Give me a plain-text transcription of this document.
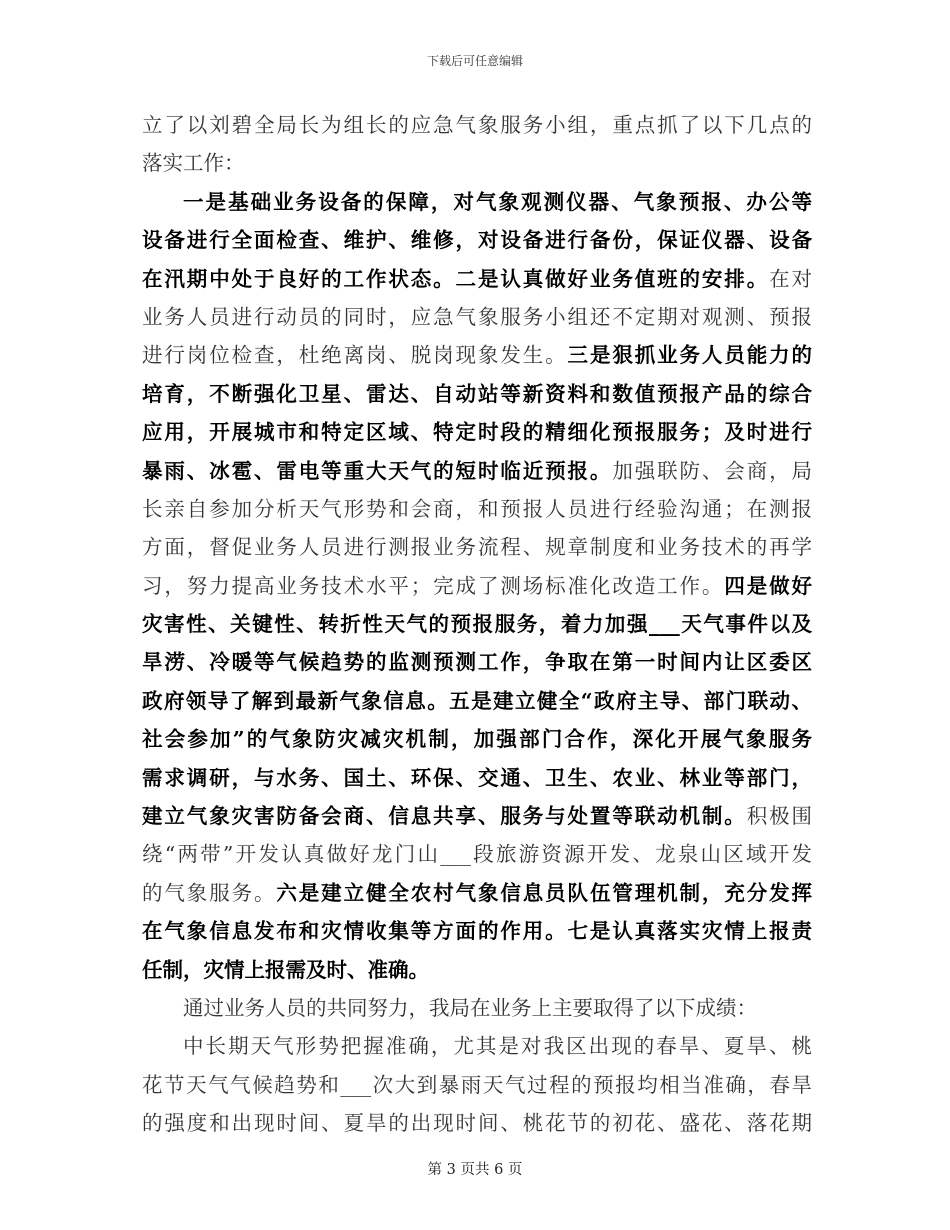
下载后可任意编辑
立了以刘碧全局长为组长的应急气象服务小组，重点抓了以下几点的
落实工作：
一是基础业务设备的保障，对气象观测仪器、气象预报、办公等
设备进行全面检查、维护、维修，对设备进行备份，保证仪器、设备
在汛期中处于良好的工作状态。二是认真做好业务值班的安排。在对
业务人员进行动员的同时，应急气象服务小组还不定期对观测、预报
进行岗位检查，杜绝离岗、脱岗现象发生。三是狠抓业务人员能力的
培育，不断强化卫星、雷达、自动站等新资料和数值预报产品的综合
应用，开展城市和特定区域、特定时段的精细化预报服务；及时进行
暴雨、冰雹、雷电等重大天气的短时临近预报。加强联防、会商，局
长亲自参加分析天气形势和会商，和预报人员进行经验沟通；在测报
方面，督促业务人员进行测报业务流程、规章制度和业务技术的再学
习，努力提高业务技术水平；完成了测场标准化改造工作。四是做好
灾害性、关键性、转折性天气的预报服务，着力加强___天气事件以及
旱涝、冷暖等气候趋势的监测预测工作，争取在第一时间内让区委区
政府领导了解到最新气象信息。五是建立健全“政府主导、部门联动、
社会参加”的气象防灾减灾机制，加强部门合作，深化开展气象服务
需求调研，与水务、国土、环保、交通、卫生、农业、林业等部门，
建立气象灾害防备会商、信息共享、服务与处置等联动机制。积极围
绕“两带”开发认真做好龙门山___段旅游资源开发、龙泉山区域开发
的气象服务。六是建立健全农村气象信息员队伍管理机制，充分发挥
在气象信息发布和灾情收集等方面的作用。七是认真落实灾情上报责
任制，灾情上报需及时、准确。
通过业务人员的共同努力，我局在业务上主要取得了以下成绩：
中长期天气形势把握准确，尤其是对我区出现的春旱、夏旱、桃
花节天气气候趋势和___次大到暴雨天气过程的预报均相当准确，春旱
的强度和出现时间、夏旱的出现时间、桃花节的初花、盛花、落花期
第 3 页共 6 页
